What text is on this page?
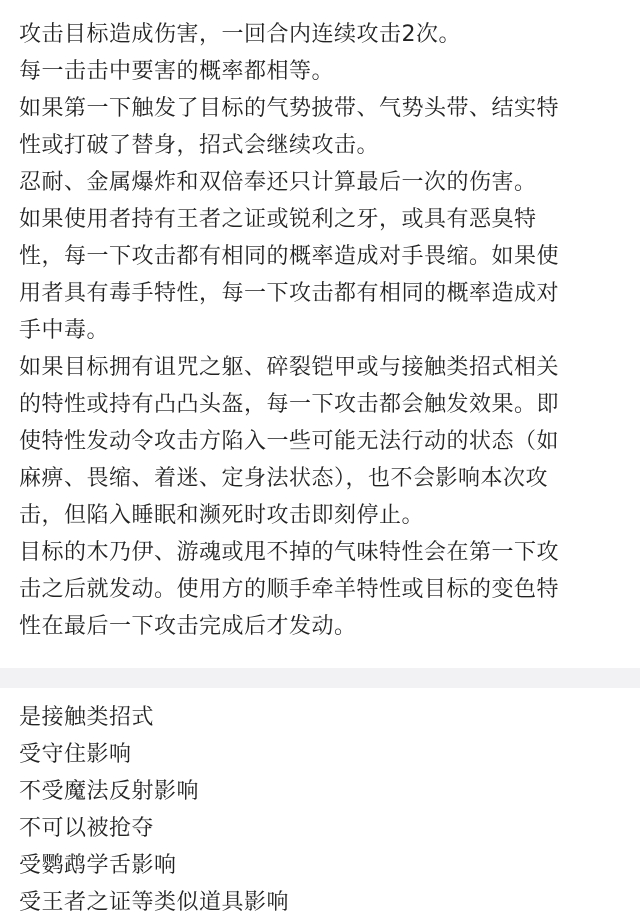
攻击目标造成伤害，一回合内连续攻击2次。
每一击击中要害的概率都相等。
如果第一下触发了目标的气势披带、气势头带、结实特
性或打破了替身，招式会继续攻击。
忍耐、金属爆炸和双倍奉还只计算最后一次的伤害。
如果使用者持有王者之证或锐利之牙，或具有恶臭特
性，每一下攻击都有相同的概率造成对手畏缩。如果使
用者具有毒手特性，每一下攻击都有相同的概率造成对
手中毒。
如果目标拥有诅咒之躯、碎裂铠甲或与接触类招式相关
的特性或持有凸凸头盔，每一下攻击都会触发效果。即
使特性发动令攻击方陷入一些可能无法行动的状态（如
麻痹、畏缩、着迷、定身法状态），也不会影响本次攻
击，但陷入睡眠和濒死时攻击即刻停止。
目标的木乃伊、游魂或甩不掉的气味特性会在第一下攻
击之后就发动。使用方的顺手牵羊特性或目标的变色特
性在最后一下攻击完成后才发动。
是接触类招式
受守住影响
不受魔法反射影响
不可以被抢夺
受鹦鹉学舌影响
受王者之证等类似道具影响
